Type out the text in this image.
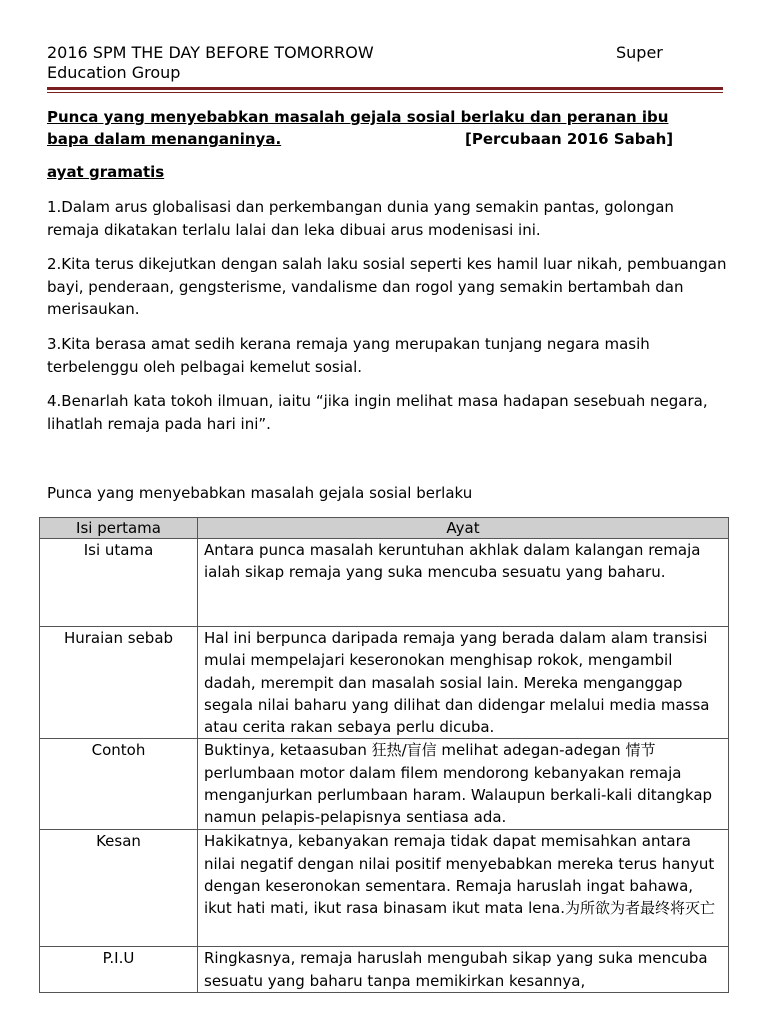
2016 SPM THE DAY BEFORE TOMORROW	Super
Education Group
Punca yang menyebabkan masalah gejala sosial berlaku dan peranan ibu
bapa dalam menanganinya.	[Percubaan 2016 Sabah]
ayat gramatis
1.Dalam arus globalisasi dan perkembangan dunia yang semakin pantas, golongan remaja dikatakan terlalu lalai dan leka dibuai arus modenisasi ini.
2.Kita terus dikejutkan dengan salah laku sosial seperti kes hamil luar nikah, pembuangan bayi, penderaan, gengsterisme, vandalisme dan rogol yang semakin bertambah dan merisaukan.
3.Kita berasa amat sedih kerana remaja yang merupakan tunjang negara masih terbelenggu oleh pelbagai kemelut sosial.
4.Benarlah kata tokoh ilmuan, iaitu “jika ingin melihat masa hadapan sesebuah negara, lihatlah remaja pada hari ini”.
Punca yang menyebabkan masalah gejala sosial berlaku
Isi pertama	Ayat
Isi utama	Antara punca masalah keruntuhan akhlak dalam kalangan remaja ialah sikap remaja yang suka mencuba sesuatu yang baharu.
Huraian sebab	Hal ini berpunca daripada remaja yang berada dalam alam transisi mulai mempelajari keseronokan menghisap rokok, mengambil dadah, merempit dan masalah sosial lain. Mereka menganggap segala nilai baharu yang dilihat dan didengar melalui media massa atau cerita rakan sebaya perlu dicuba.
Contoh	Buktinya, ketaasuban 狂热/盲信 melihat adegan-adegan 情节 perlumbaan motor dalam filem mendorong kebanyakan remaja menganjurkan perlumbaan haram. Walaupun berkali-kali ditangkap namun pelapis-pelapisnya sentiasa ada.
Kesan	Hakikatnya, kebanyakan remaja tidak dapat memisahkan antara nilai negatif dengan nilai positif menyebabkan mereka terus hanyut dengan keseronokan sementara. Remaja haruslah ingat bahawa, ikut hati mati, ikut rasa binasam ikut mata lena.为所欲为者最终将灭亡
P.I.U	Ringkasnya, remaja haruslah mengubah sikap yang suka mencuba sesuatu yang baharu tanpa memikirkan kesannya,
